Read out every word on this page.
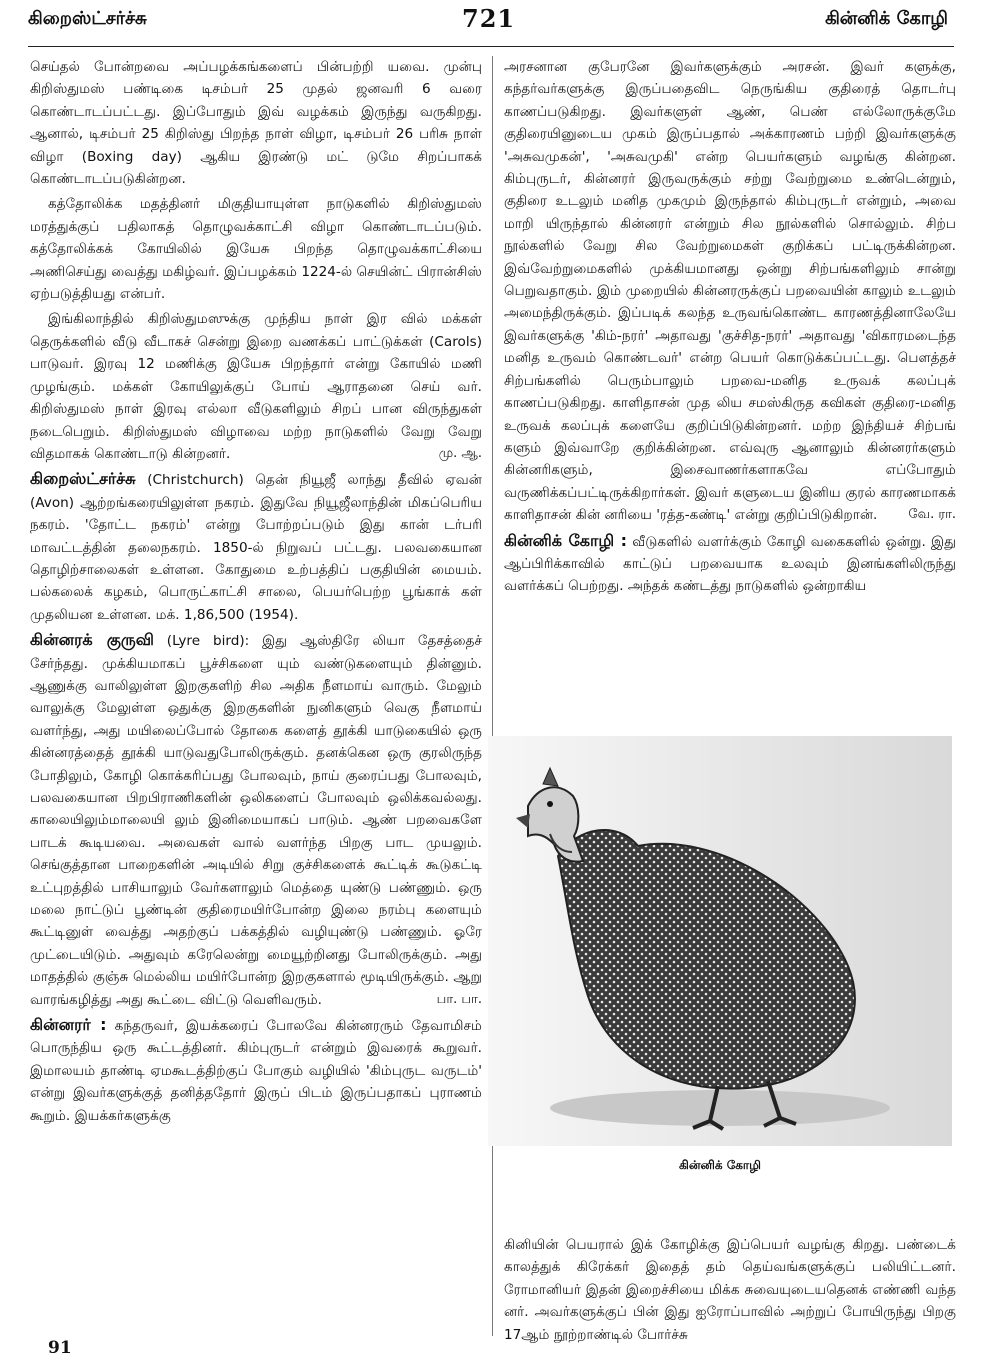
கிறைஸ்ட்சர்ச்சு	721	கின்னிக் கோழி

செய்தல் போன்றவை அப்பழக்கங்களைப் பின்பற்றி யவை. முன்பு கிறிஸ்துமஸ் பண்டிகை டிசம்பர் 25 முதல் ஜனவரி 6 வரை கொண்டாடப்பட்டது. இப்போதும் இவ் வழக்கம் இருந்து வருகிறது. ஆனால், டிசம்பர் 25 கிறிஸ்து பிறந்த நாள் விழா, டிசம்பர் 26 பரிசு நாள் விழா (Boxing day) ஆகிய இரண்டு மட் டுமே சிறப்பாகக் கொண்டாடப்படுகின்றன.

கத்தோலிக்க மதத்தினர் மிகுதியாயுள்ள நாடுகளில் கிறிஸ்துமஸ் மரத்துக்குப் பதிலாகத் தொழுவக்காட்சி விழா கொண்டாடப்படும். கத்தோலிக்கக் கோயிலில் இயேசு பிறந்த தொழுவக்காட்சியை அணிசெய்து வைத்து மகிழ்வர். இப்பழக்கம் 1224-ல் செயின்ட் பிரான்சிஸ் ஏற்படுத்தியது என்பர்.

இங்கிலாந்தில் கிறிஸ்துமஸுக்கு முந்திய நாள் இர வில் மக்கள் தெருக்களில் வீடு வீடாகச் சென்று இறை வணக்கப் பாட்டுக்கள் (Carols) பாடுவர். இரவு 12 மணிக்கு இயேசு பிறந்தார் என்று கோயில் மணி முழங்கும். மக்கள் கோயிலுக்குப் போய் ஆராதனை செய் வர். கிறிஸ்துமஸ் நாள் இரவு எல்லா வீடுகளிலும் சிறப் பான விருந்துகள் நடைபெறும். கிறிஸ்துமஸ் விழாவை மற்ற நாடுகளில் வேறு வேறு விதமாகக் கொண்டாடு கின்றனர்.	மு. ஆ.

கிறைஸ்ட்சர்ச்சு (Christchurch) தென் நியூஜீ லாந்து தீவில் ஏவன் (Avon) ஆற்றங்கரையிலுள்ள நகரம். இதுவே நியூஜீலாந்தின் மிகப்பெரிய நகரம். 'தோட்ட நகரம்' என்று போற்றப்படும் இது கான் டர்பரி மாவட்டத்தின் தலைநகரம். 1850-ல் நிறுவப் பட்டது. பலவகையான தொழிற்சாலைகள் உள்ளன. கோதுமை உற்பத்திப் பகுதியின் மையம். பல்கலைக் கழகம், பொருட்காட்சி சாலை, பெயர்பெற்ற பூங்காக் கள் முதலியன உள்ளன. மக். 1,86,500 (1954).

கின்னரக் குருவி (Lyre bird): இது ஆஸ்திரே லியா தேசத்தைச் சேர்ந்தது. முக்கியமாகப் பூச்சிகளை யும் வண்டுகளையும் தின்னும். ஆணுக்கு வாலிலுள்ள இறகுகளிற் சில அதிக நீளமாய் வாரும். மேலும் வாலுக்கு மேலுள்ள ஒதுக்கு இறகுகளின் நுனிகளும் வெகு நீளமாய் வளர்ந்து, அது மயிலைப்போல் தோகை களைத் தூக்கி யாடுகையில் ஒரு கின்னரத்தைத் தூக்கி யாடுவதுபோலிருக்கும். தனக்கென ஒரு குரலிருந்த போதிலும், கோழி கொக்கரிப்பது போலவும், நாய் குரைப்பது போலவும், பலவகையான பிறபிராணிகளின் ஒலிகளைப் போலவும் ஒலிக்கவல்லது. காலையிலும்மாலையி லும் இனிமையாகப் பாடும். ஆண் பறவைகளே பாடக் கூடியவை. அவைகள் வால் வளர்ந்த பிறகு பாட முயலும். செங்குத்தான பாறைகளின் அடியில் சிறு குச்சிகளைக் கூட்டிக் கூடுகட்டி உட்புறத்தில் பாசியாலும் வேர்களாலும் மெத்தை யுண்டு பண்ணும். ஒரு மலை நாட்டுப் பூண்டின் குதிரைமயிர்போன்ற இலை நரம்பு களையும் கூட்டினுள் வைத்து அதற்குப் பக்கத்தில் வழியுண்டு பண்ணும். ஓரே முட்டையிடும். அதுவும் கரேலென்று மையூற்றினது போலிருக்கும். அது மாதத்தில் குஞ்சு மெல்லிய மயிர்போன்ற இறகுகளால் மூடியிருக்கும். ஆறு வாரங்கழித்து அது கூட்டை விட்டு வெளிவரும்.	பா. பா.

கின்னரர் : கந்தருவர், இயக்கரைப் போலவே கின்னரரும் தேவாமிசம் பொருந்திய ஒரு கூட்டத்தினர். கிம்புருடர் என்றும் இவரைக் கூறுவர். இமாலயம் தாண்டி ஏமகூடத்திற்குப் போகும் வழியில் 'கிம்புருட வருடம்' என்று இவர்களுக்குத் தனித்ததோர் இருப் பிடம் இருப்பதாகப் புராணம் கூறும். இயக்கர்களுக்கு

அரசனான குபேரனே இவர்களுக்கும் அரசன். இவர் களுக்கு, கந்தர்வர்களுக்கு இருப்பதைவிட நெருங்கிய குதிரைத் தொடர்பு காணப்படுகிறது. இவர்களுள் ஆண், பெண் எல்லோருக்குமே குதிரையினுடைய முகம் இருப்பதால் அக்காரணம் பற்றி இவர்களுக்கு 'அசுவமுகன்', 'அசுவமுகி' என்ற பெயர்களும் வழங்கு கின்றன. கிம்புருடர், கின்னரர் இருவருக்கும் சற்று வேற்றுமை உண்டென்றும், குதிரை உடலும் மனித முகமும் இருந்தால் கிம்புருடர் என்றும், அவை மாறி யிருந்தால் கின்னரர் என்றும் சில நூல்களில் சொல்லும். சிற்ப நூல்களில் வேறு சில வேற்றுமைகள் குறிக்கப் பட்டிருக்கின்றன. இவ்வேற்றுமைகளில் முக்கியமானது ஒன்று சிற்பங்களிலும் சான்று பெறுவதாகும். இம் முறையில் கின்னரருக்குப் பறவையின் காலும் உடலும் அமைந்திருக்கும். இப்படிக் கலந்த உருவங்கொண்ட காரணத்தினாலேயே இவர்களுக்கு 'கிம்-நரர்' அதாவது 'குச்சித-நரர்' அதாவது 'விகாரமடைந்த மனித உருவம் கொண்டவர்' என்ற பெயர் கொடுக்கப்பட்டது. பௌத்தச் சிற்பங்களில் பெரும்பாலும் பறவை-மனித உருவக் கலப்புக் காணப்படுகிறது. காளிதாசன் முத லிய சமஸ்கிருத கவிகள் குதிரை-மனித உருவக் கலப்புக் களையே குறிப்பிடுகின்றனர். மற்ற இந்தியச் சிற்பங் களும் இவ்வாறே குறிக்கின்றன. எவ்வுரு ஆனாலும் கின்னரர்களும் கின்னரிகளும், இசைவாணர்களாகவே எப்போதும் வருணிக்கப்பட்டிருக்கிறார்கள். இவர் களுடைய இனிய குரல் காரணமாகக் காளிதாசன் கின் னரியை 'ரத்த-கண்டி' என்று குறிப்பிடுகிறான். வே. ரா.

கின்னிக் கோழி : வீடுகளில் வளர்க்கும் கோழி வகைகளில் ஒன்று. இது ஆப்பிரிக்காவில் காட்டுப் பறவையாக உலவும் இனங்களிலிருந்து வளர்க்கப் பெற்றது. அந்தக் கண்டத்து நாடுகளில் ஒன்றாகிய

கின்னிக் கோழி

கினியின் பெயரால் இக் கோழிக்கு இப்பெயர் வழங்கு கிறது. பண்டைக் காலத்துக் கிரேக்கர் இதைத் தம் தெய்வங்களுக்குப் பலியிட்டனர். ரோமானியர் இதன் இறைச்சியை மிக்க சுவையுடையதெனக் எண்ணி வந்த னர். அவர்களுக்குப் பின் இது ஐரோப்பாவில் அற்றுப் போயிருந்து பிறகு 17ஆம் நூற்றாண்டில் போர்ச்சு

91
